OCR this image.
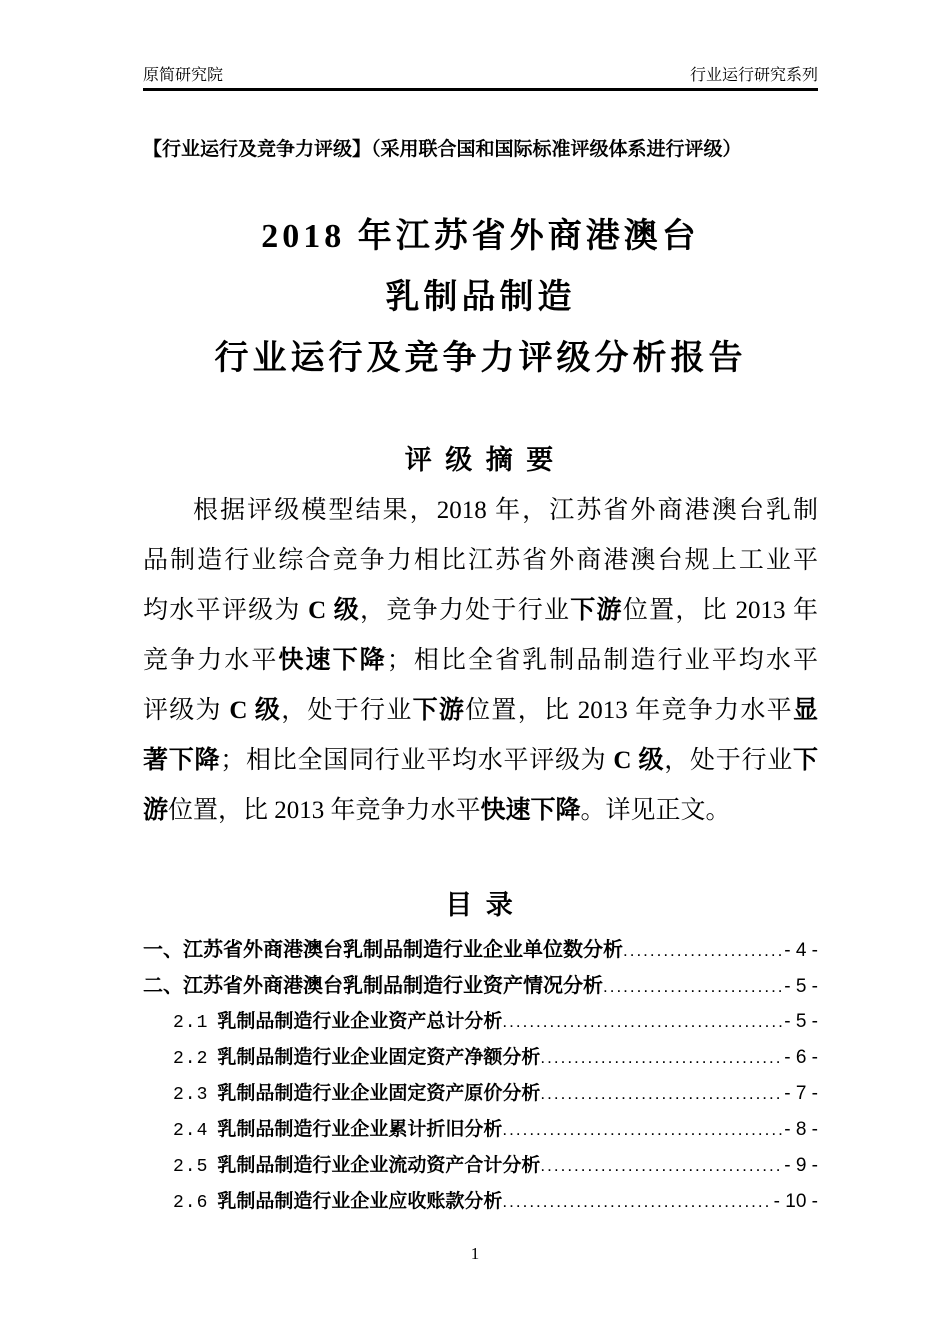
原简研究院	行业运行研究系列
【行业运行及竞争力评级】（采用联合国和国际标准评级体系进行评级）
2018 年江苏省外商港澳台
乳制品制造
行业运行及竞争力评级分析报告
评 级 摘 要
根据评级模型结果，2018 年，江苏省外商港澳台乳制
品制造行业综合竞争力相比江苏省外商港澳台规上工业平
均水平评级为 C 级，竞争力处于行业下游位置，比 2013 年
竞争力水平快速下降；相比全省乳制品制造行业平均水平
评级为 C 级，处于行业下游位置，比 2013 年竞争力水平显
著下降；相比全国同行业平均水平评级为 C 级，处于行业下
游位置，比 2013 年竞争力水平快速下降。详见正文。
目 录
一、江苏省外商港澳台乳制品制造行业企业单位数分析 .....	- 4 -
二、江苏省外商港澳台乳制品制造行业资产情况分析 .....	- 5 -
2.1 乳制品制造行业企业资产总计分析 .....	- 5 -
2.2 乳制品制造行业企业固定资产净额分析 .....	- 6 -
2.3 乳制品制造行业企业固定资产原价分析 .....	- 7 -
2.4 乳制品制造行业企业累计折旧分析 .....	- 8 -
2.5 乳制品制造行业企业流动资产合计分析 .....	- 9 -
2.6 乳制品制造行业企业应收账款分析 .....	- 10 -
1
